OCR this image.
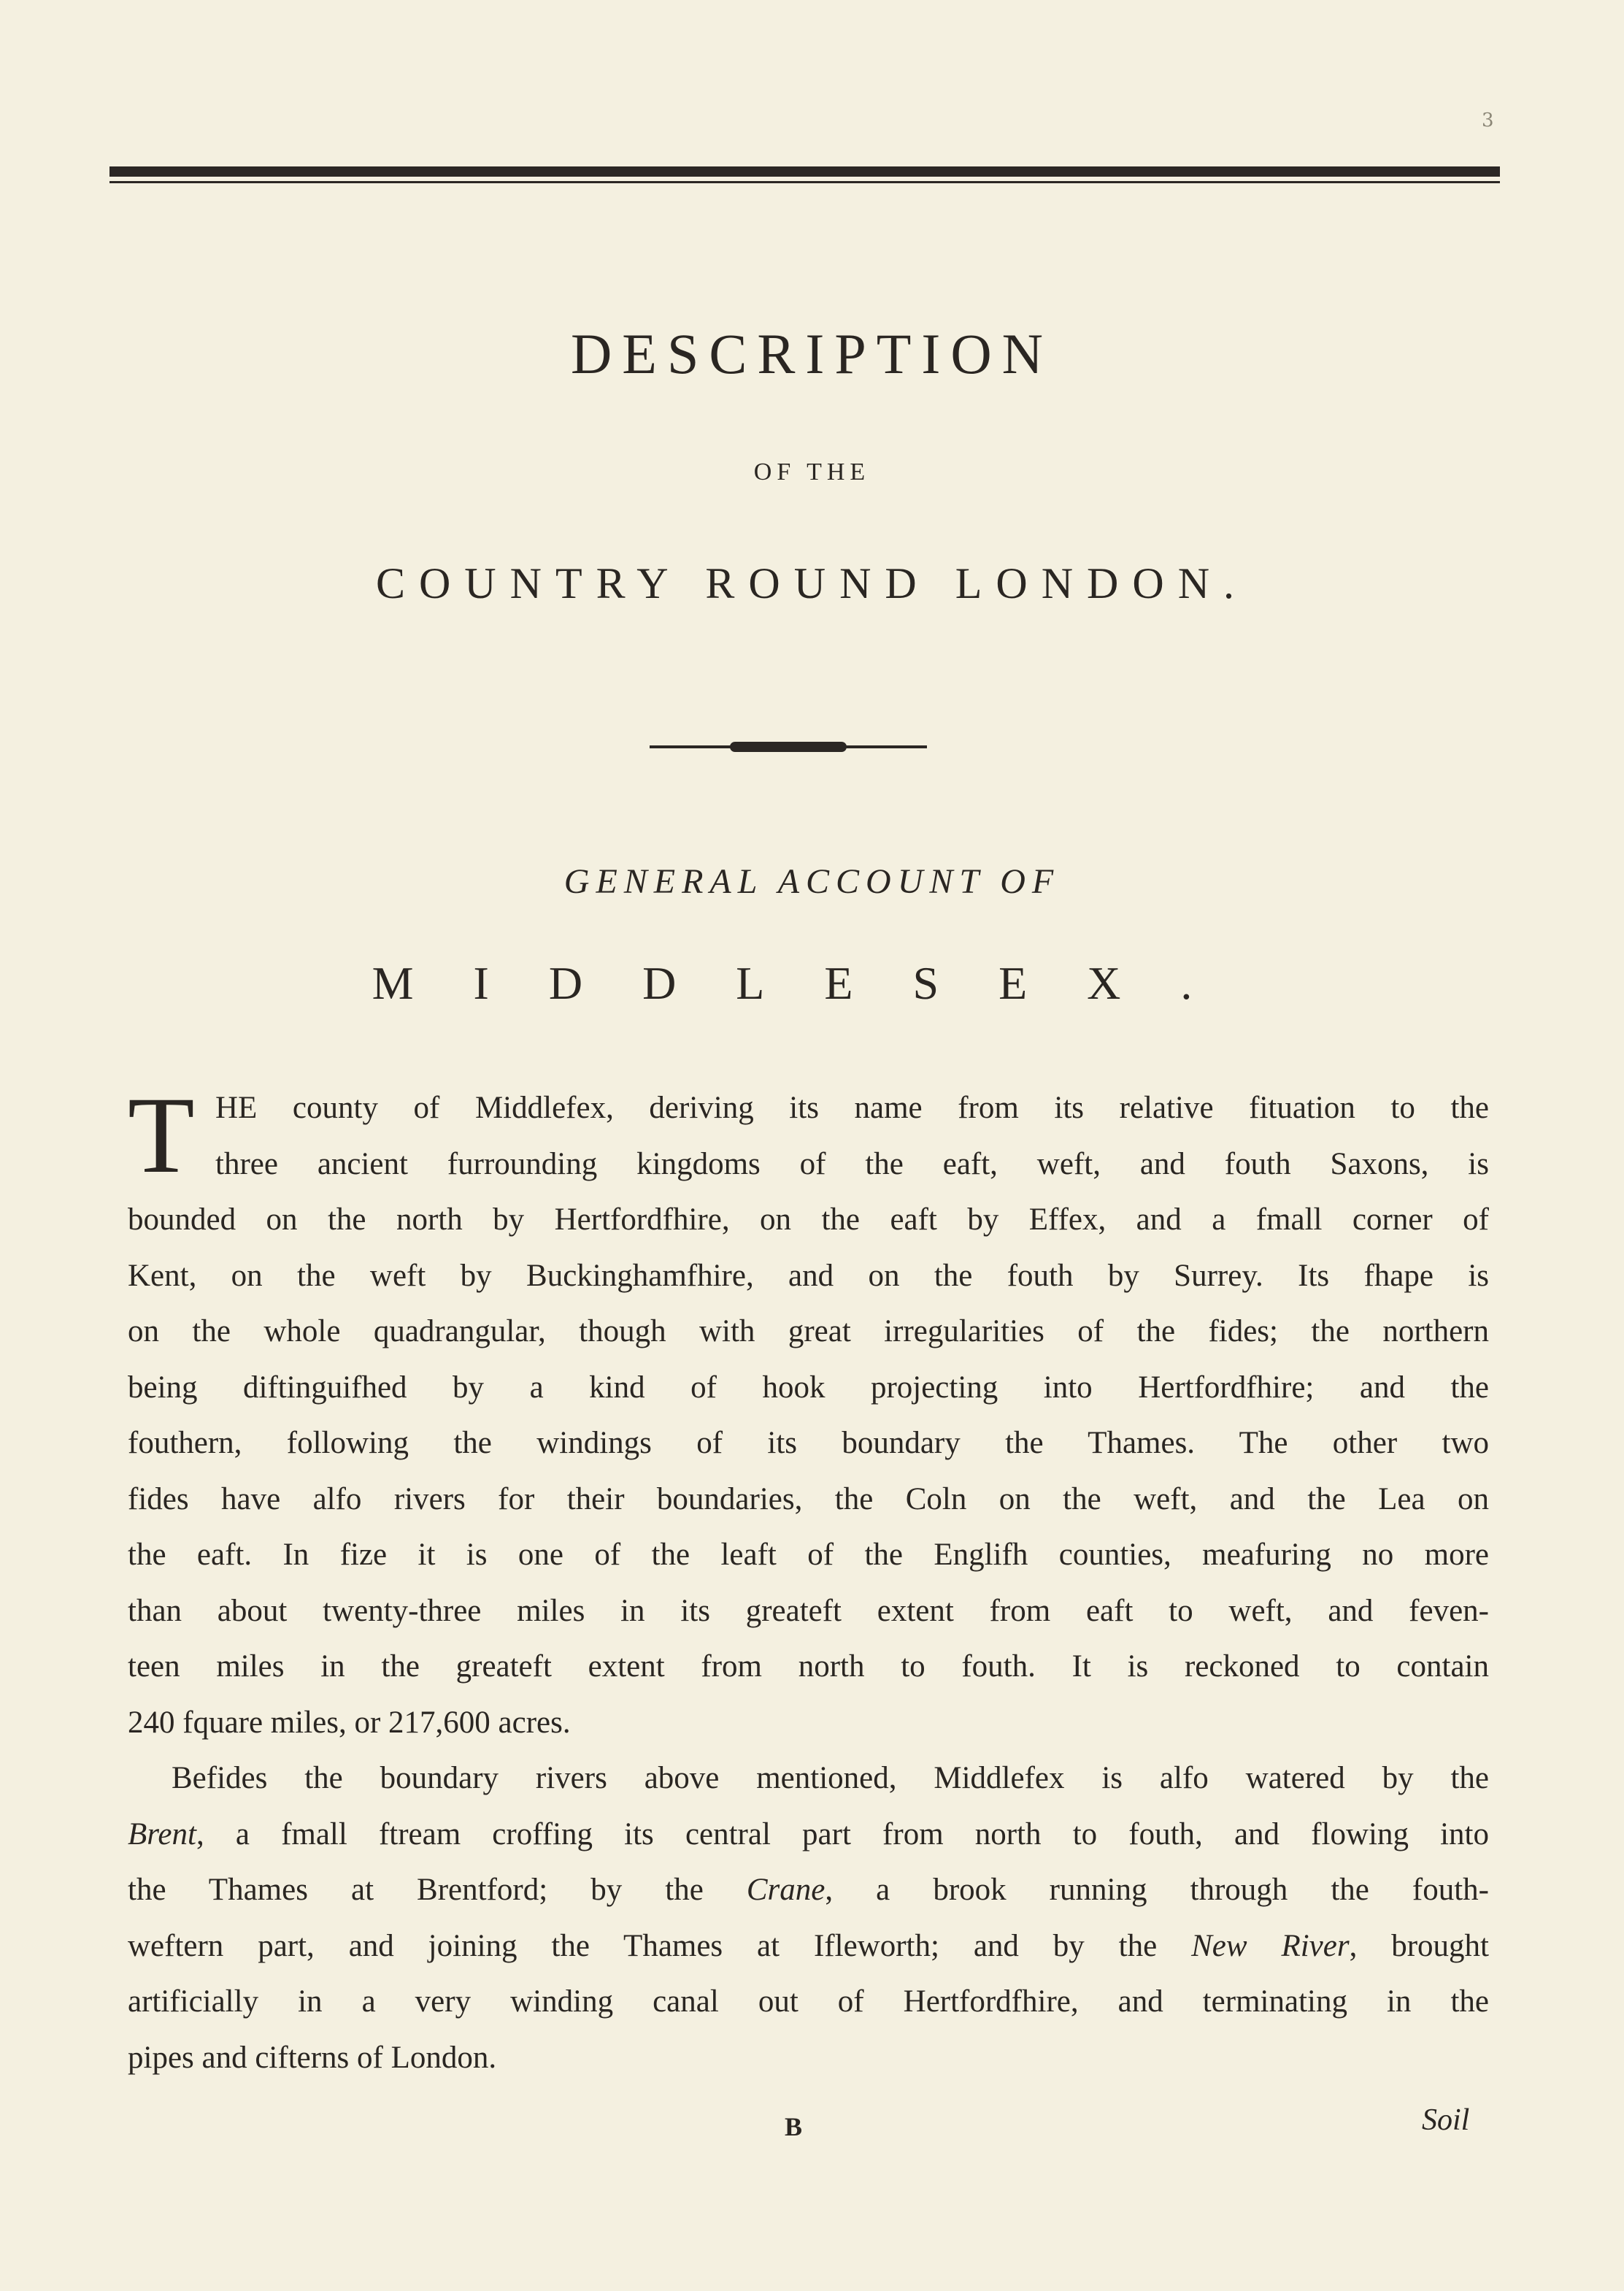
3
DESCRIPTION
OF THE
COUNTRY ROUND LONDON.
GENERAL ACCOUNT OF
MIDDLESEX.
T HE county of Middlefex, deriving its name from its relative fituation to the
three ancient furrounding kingdoms of the eaft, weft, and fouth Saxons, is
bounded on the north by Hertfordfhire, on the eaft by Effex, and a fmall corner of
Kent, on the weft by Buckinghamfhire, and on the fouth by Surrey. Its fhape is
on the whole quadrangular, though with great irregularities of the fides; the northern
being diftinguifhed by a kind of hook projecting into Hertfordfhire; and the
fouthern, following the windings of its boundary the Thames. The other two
fides have alfo rivers for their boundaries, the Coln on the weft, and the Lea on
the eaft. In fize it is one of the leaft of the Englifh counties, meafuring no more
than about twenty-three miles in its greateft extent from eaft to weft, and feven-
teen miles in the greateft extent from north to fouth. It is reckoned to contain
240 fquare miles, or 217,600 acres.
Befides the boundary rivers above mentioned, Middlefex is alfo watered by the
Brent, a fmall ftream croffing its central part from north to fouth, and flowing into
the Thames at Brentford; by the Crane, a brook running through the fouth-
weftern part, and joining the Thames at Ifleworth; and by the New River, brought
artificially in a very winding canal out of Hertfordfhire, and terminating in the
pipes and cifterns of London.
B	Soil
